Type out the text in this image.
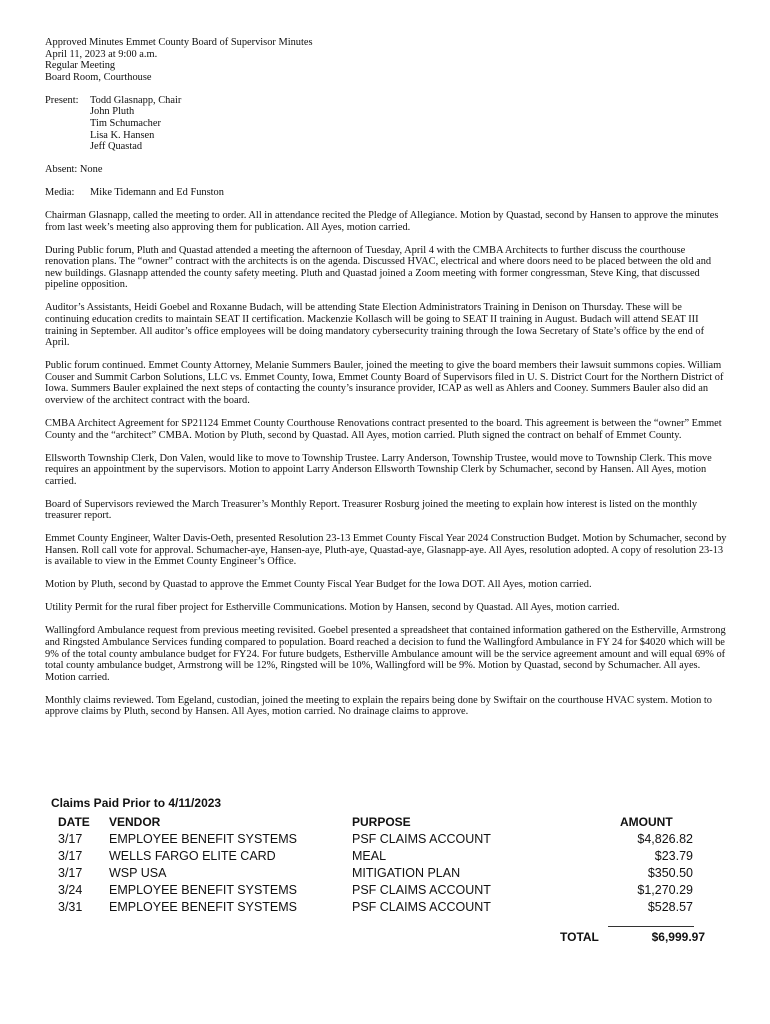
Approved Minutes Emmet County Board of Supervisor Minutes
April 11, 2023 at 9:00 a.m.
Regular Meeting
Board Room, Courthouse

Present:	Todd Glasnapp, Chair
John Pluth
Tim Schumacher
Lisa K. Hansen
Jeff Quastad

Absent: None

Media:	Mike Tidemann and Ed Funston

Chairman Glasnapp, called the meeting to order. All in attendance recited the Pledge of Allegiance. Motion by Quastad, second by Hansen to approve the minutes from last week’s meeting also approving them for publication. All Ayes, motion carried.

During Public forum, Pluth and Quastad attended a meeting the afternoon of Tuesday, April 4 with the CMBA Architects to further discuss the courthouse renovation plans. The “owner” contract with the architects is on the agenda. Discussed HVAC, electrical and where doors need to be placed between the old and new buildings. Glasnapp attended the county safety meeting. Pluth and Quastad joined a Zoom meeting with former congressman, Steve King, that discussed pipeline opposition.

Auditor’s Assistants, Heidi Goebel and Roxanne Budach, will be attending State Election Administrators Training in Denison on Thursday. These will be continuing education credits to maintain SEAT II certification. Mackenzie Kollasch will be going to SEAT II training in August. Budach will attend SEAT III training in September. All auditor’s office employees will be doing mandatory cybersecurity training through the Iowa Secretary of State’s office by the end of April.

Public forum continued. Emmet County Attorney, Melanie Summers Bauler, joined the meeting to give the board members their lawsuit summons copies. William Couser and Summit Carbon Solutions, LLC vs. Emmet County, Iowa, Emmet County Board of Supervisors filed in U. S. District Court for the Northern District of Iowa. Summers Bauler explained the next steps of contacting the county’s insurance provider, ICAP as well as Ahlers and Cooney. Summers Bauler also did an overview of the architect contract with the board.

CMBA Architect Agreement for SP21124 Emmet County Courthouse Renovations contract presented to the board. This agreement is between the “owner” Emmet County and the “architect” CMBA. Motion by Pluth, second by Quastad. All Ayes, motion carried. Pluth signed the contract on behalf of Emmet County.

Ellsworth Township Clerk, Don Valen, would like to move to Township Trustee. Larry Anderson, Township Trustee, would move to Township Clerk. This move requires an appointment by the supervisors. Motion to appoint Larry Anderson Ellsworth Township Clerk by Schumacher, second by Hansen. All Ayes, motion carried.

Board of Supervisors reviewed the March Treasurer’s Monthly Report. Treasurer Rosburg joined the meeting to explain how interest is listed on the monthly treasurer report.

Emmet County Engineer, Walter Davis-Oeth, presented Resolution 23-13 Emmet County Fiscal Year 2024 Construction Budget. Motion by Schumacher, second by Hansen. Roll call vote for approval. Schumacher-aye, Hansen-aye, Pluth-aye, Quastad-aye, Glasnapp-aye. All Ayes, resolution adopted. A copy of resolution 23-13 is available to view in the Emmet County Engineer’s Office.

Motion by Pluth, second by Quastad to approve the Emmet County Fiscal Year Budget for the Iowa DOT. All Ayes, motion carried.

Utility Permit for the rural fiber project for Estherville Communications. Motion by Hansen, second by Quastad. All Ayes, motion carried.

Wallingford Ambulance request from previous meeting revisited. Goebel presented a spreadsheet that contained information gathered on the Estherville, Armstrong and Ringsted Ambulance Services funding compared to population. Board reached a decision to fund the Wallingford Ambulance in FY 24 for $4020 which will be 9% of the total county ambulance budget for FY24. For future budgets, Estherville Ambulance amount will be the service agreement amount and will equal 69% of total county ambulance budget, Armstrong will be 12%, Ringsted will be 10%, Wallingford will be 9%. Motion by Quastad, second by Schumacher. All ayes. Motion carried.

Monthly claims reviewed. Tom Egeland, custodian, joined the meeting to explain the repairs being done by Swiftair on the courthouse HVAC system. Motion to approve claims by Pluth, second by Hansen. All Ayes, motion carried. No drainage claims to approve.

Claims Paid Prior to 4/11/2023
DATE	VENDOR	PURPOSE	AMOUNT
3/17	EMPLOYEE BENEFIT SYSTEMS	PSF CLAIMS ACCOUNT	$4,826.82
3/17	WELLS FARGO ELITE CARD	MEAL	$23.79
3/17	WSP USA	MITIGATION PLAN	$350.50
3/24	EMPLOYEE BENEFIT SYSTEMS	PSF CLAIMS ACCOUNT	$1,270.29
3/31	EMPLOYEE BENEFIT SYSTEMS	PSF CLAIMS ACCOUNT	$528.57
TOTAL	$6,999.97
